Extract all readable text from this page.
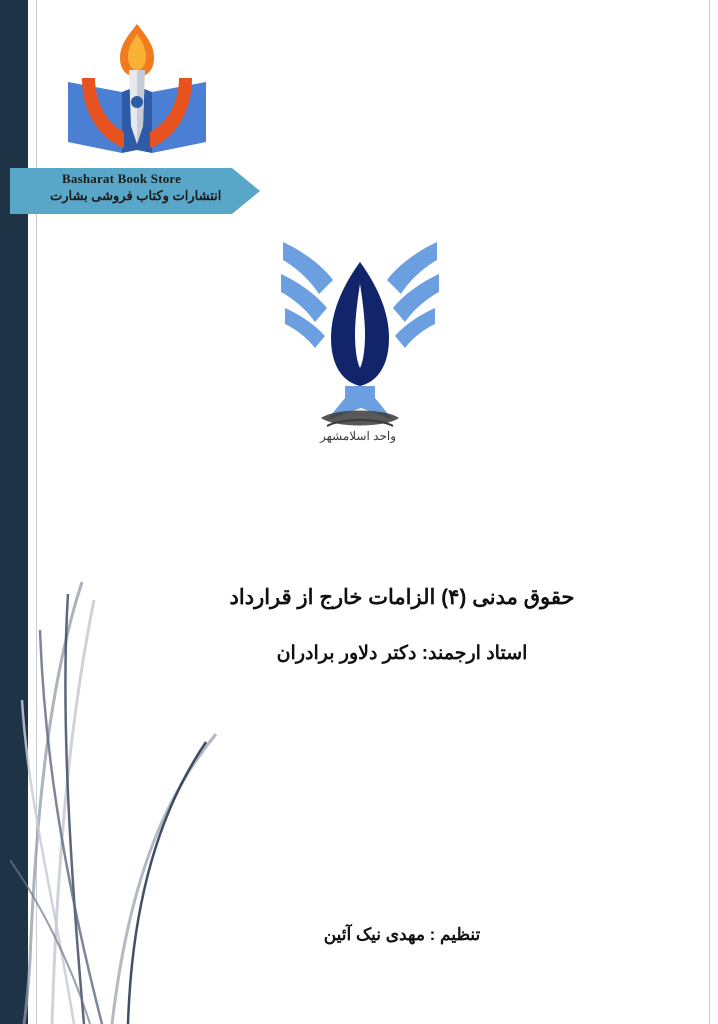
Basharat Book Store
انتشارات وکتاب فروشی بشارت
واحد اسلامشهر
حقوق مدنی (۴) الزامات خارج از قرارداد
استاد ارجمند: دکتر دلاور برادران
تنظیم : مهدی نیک آئین
